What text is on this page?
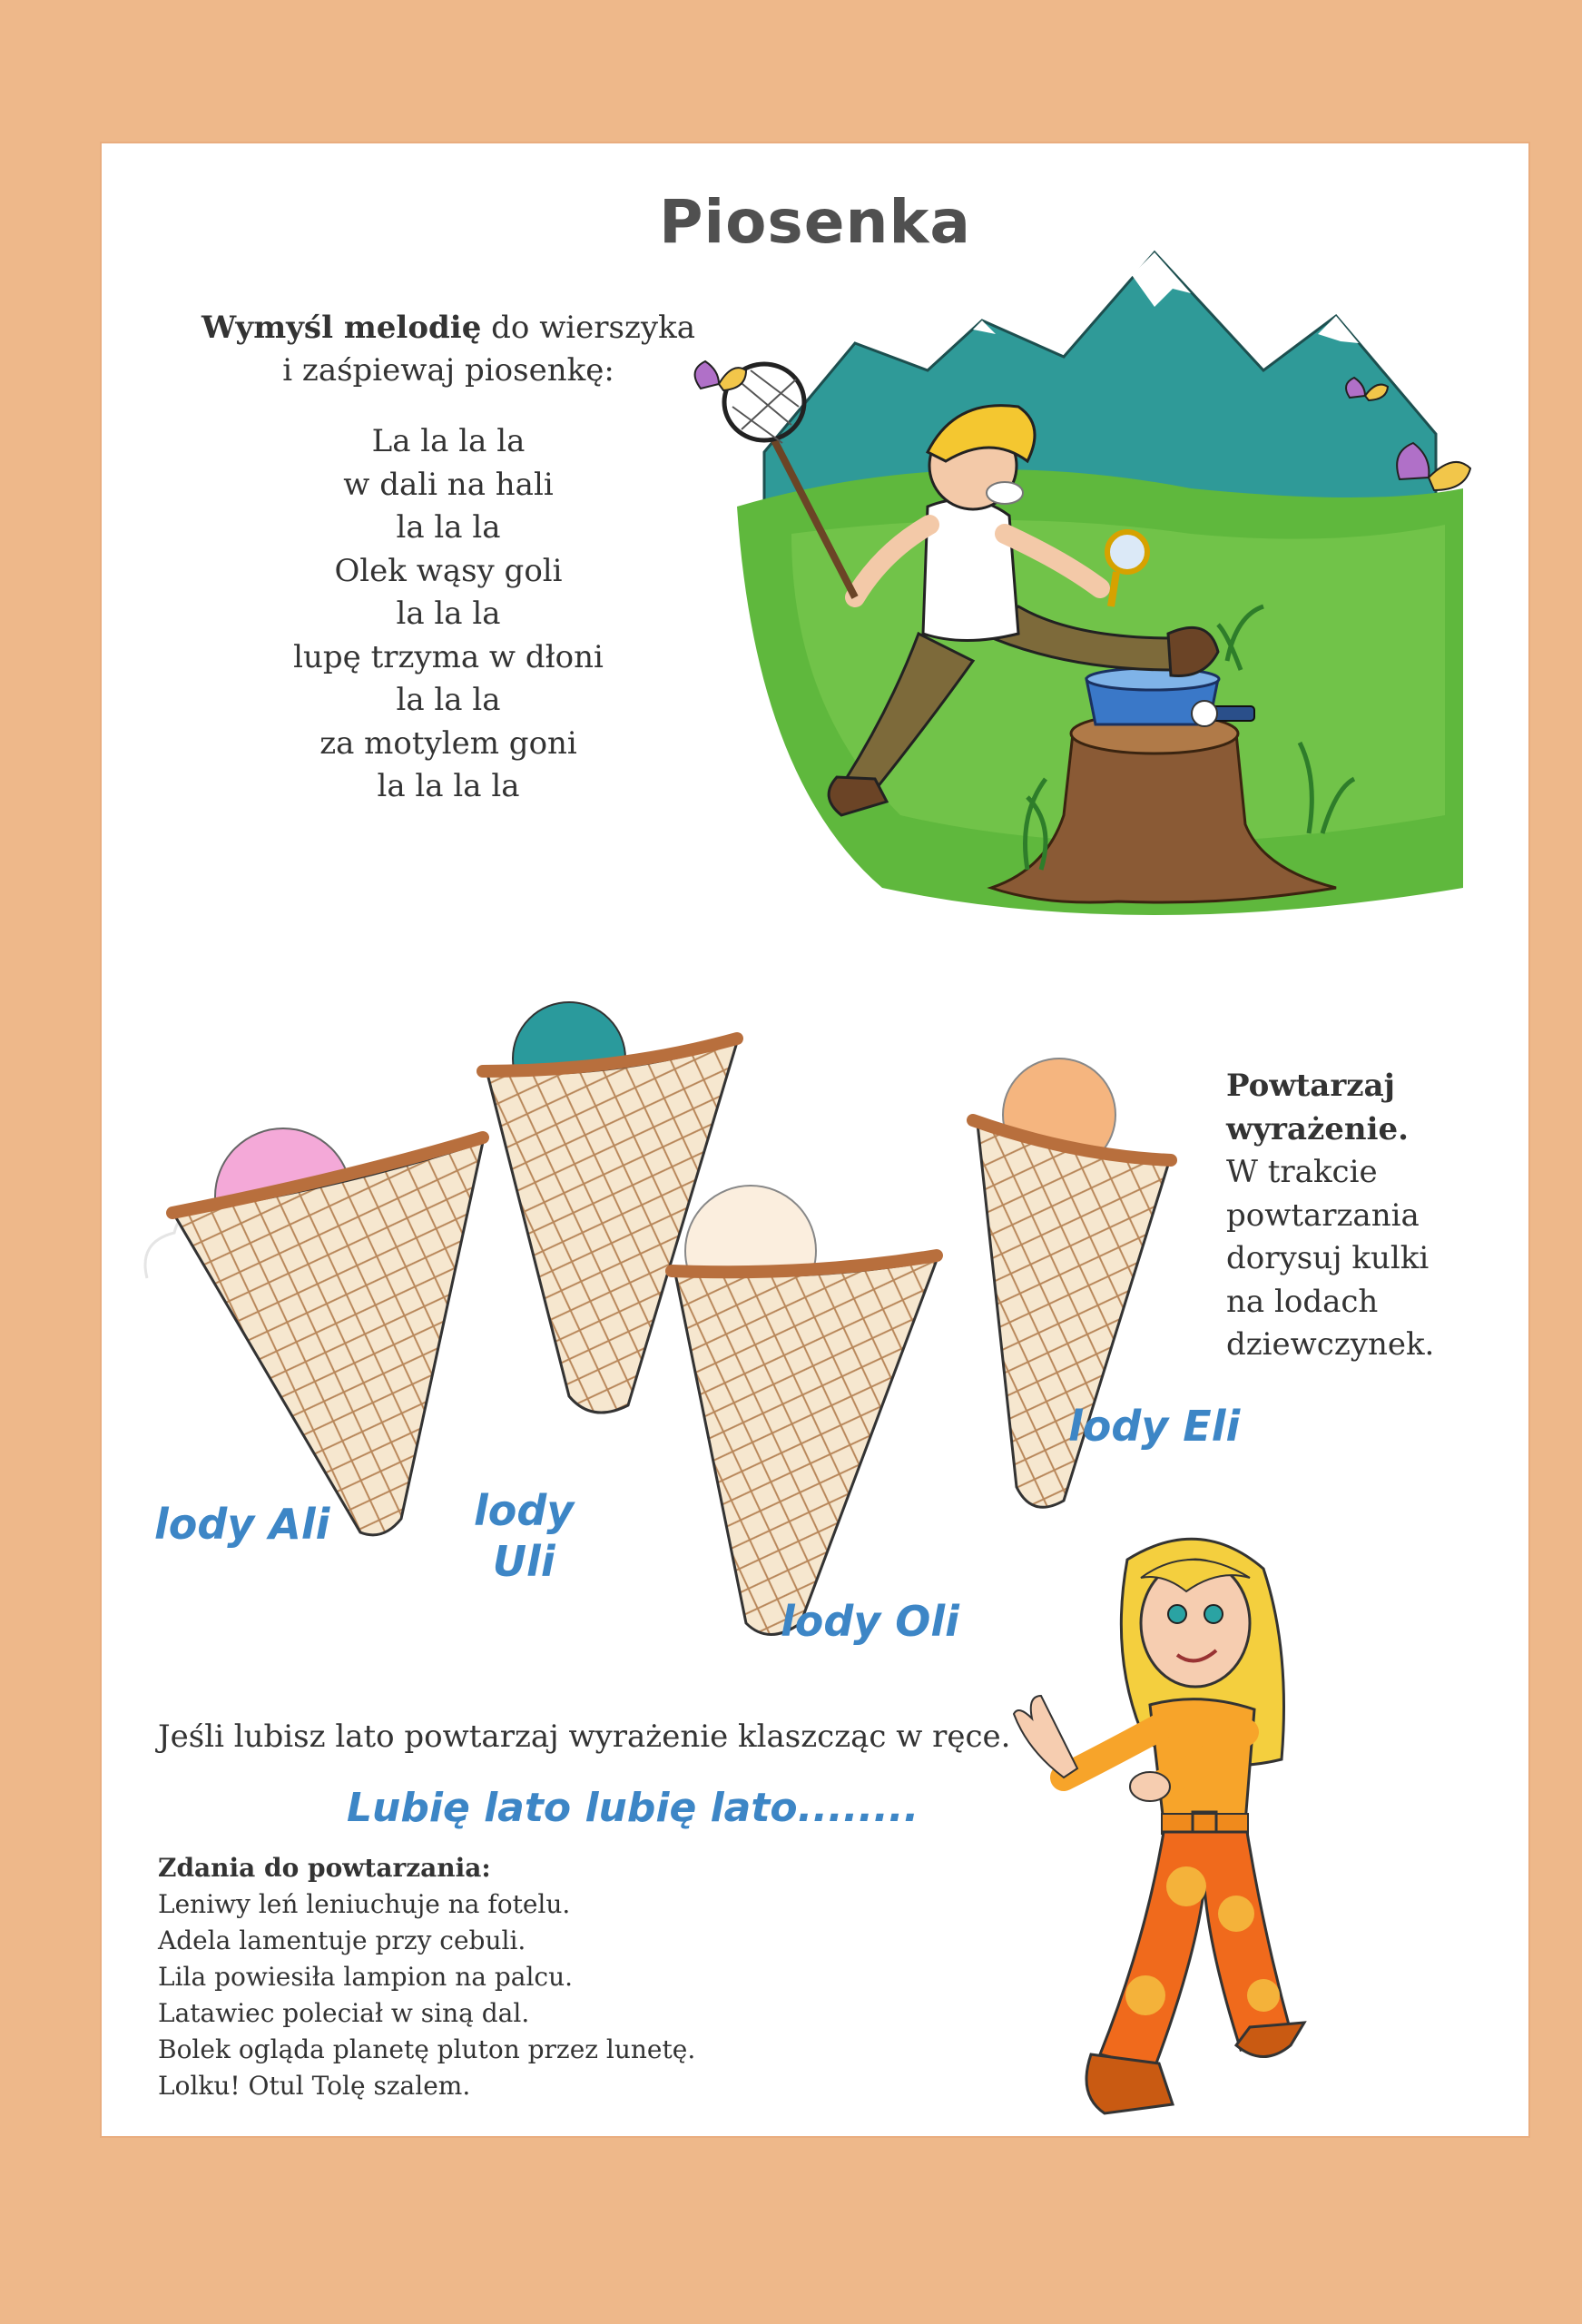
Piosenka
Wymyśl melodię do wierszyka
i zaśpiewaj piosenkę:
La la la la
w dali na hali
la la la
Olek wąsy goli
la la la
lupę trzyma w dłoni
la la la
za motylem goni
la la la la
Powtarzaj
wyrażenie.
W trakcie
powtarzania
dorysuj kulki
na lodach
dziewczynek.
lody Ali	lody
Uli
lody Oli
lody Eli
Jeśli lubisz lato powtarzaj wyrażenie klaszcząc w ręce.
Lubię lato lubię lato........
Zdania do powtarzania:
Leniwy leń leniuchuje na fotelu.
Adela lamentuje przy cebuli.
Lila powiesiła lampion na palcu.
Latawiec poleciał w siną dal.
Bolek ogląda planetę pluton przez lunetę.
Lolku! Otul Tolę szalem.
